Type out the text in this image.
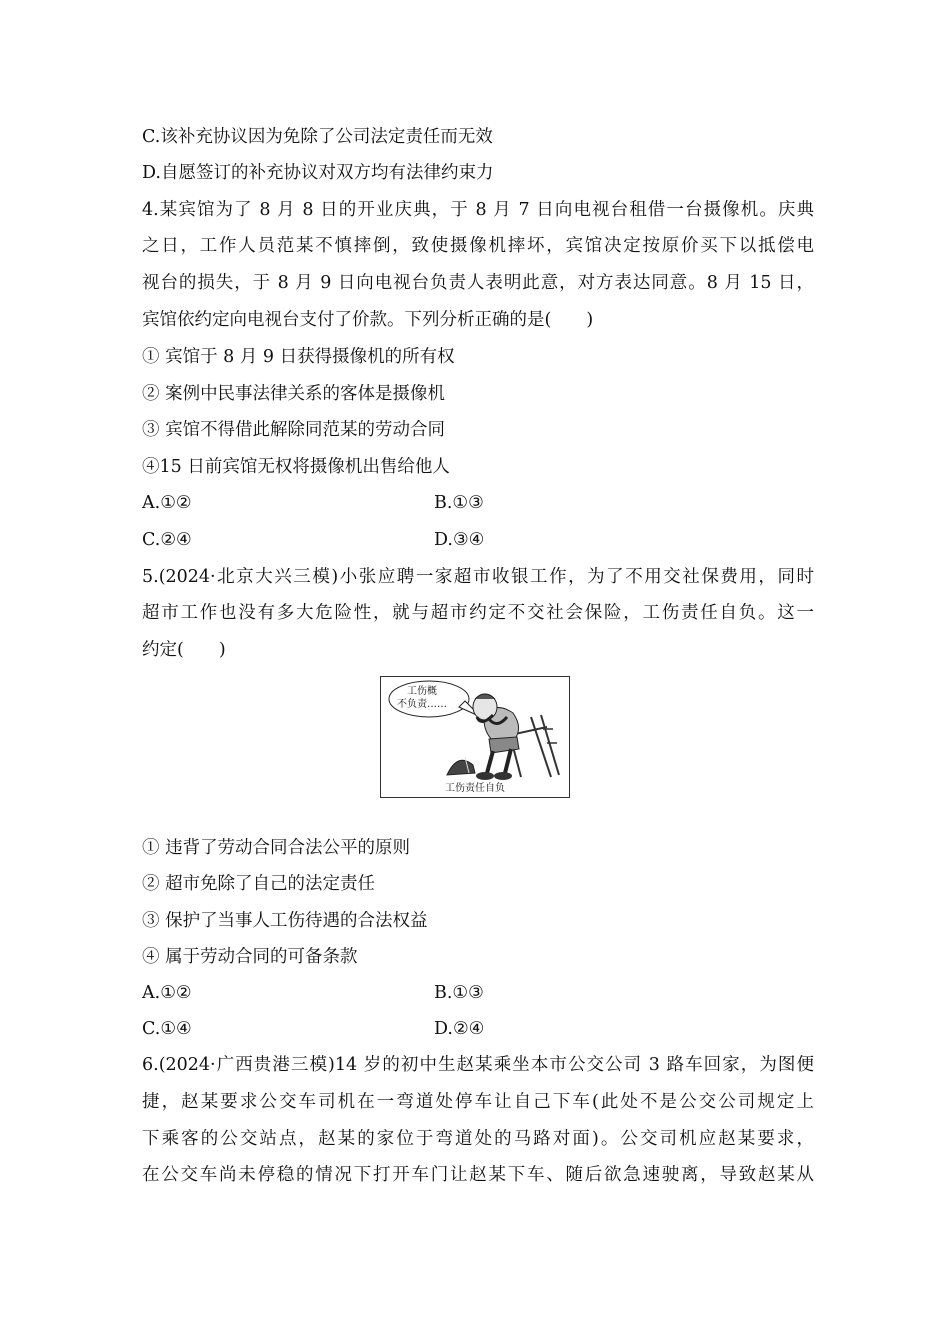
C.该补充协议因为免除了公司法定责任而无效
D.自愿签订的补充协议对双方均有法律约束力
4.某宾馆为了 8 月 8 日的开业庆典，于 8 月 7 日向电视台租借一台摄像机。庆典
之日，工作人员范某不慎摔倒，致使摄像机摔坏，宾馆决定按原价买下以抵偿电
视台的损失，于 8 月 9 日向电视台负责人表明此意，对方表达同意。8 月 15 日，
宾馆依约定向电视台支付了价款。下列分析正确的是(　　)
① 宾馆于 8 月 9 日获得摄像机的所有权
② 案例中民事法律关系的客体是摄像机
③ 宾馆不得借此解除同范某的劳动合同
④15 日前宾馆无权将摄像机出售给他人
A.①②	B.①③
C.②④	D.③④
5.(2024·北京大兴三模)小张应聘一家超市收银工作，为了不用交社保费用，同时
超市工作也没有多大危险性，就与超市约定不交社会保险，工伤责任自负。这一
约定(　　)
工伤概
不负责……
工伤责任自负
① 违背了劳动合同合法公平的原则
② 超市免除了自己的法定责任
③ 保护了当事人工伤待遇的合法权益
④ 属于劳动合同的可备条款
A.①②	B.①③
C.①④	D.②④
6.(2024·广西贵港三模)14 岁的初中生赵某乘坐本市公交公司 3 路车回家，为图便
捷，赵某要求公交车司机在一弯道处停车让自己下车(此处不是公交公司规定上
下乘客的公交站点，赵某的家位于弯道处的马路对面)。公交司机应赵某要求，
在公交车尚未停稳的情况下打开车门让赵某下车、随后欲急速驶离，导致赵某从
